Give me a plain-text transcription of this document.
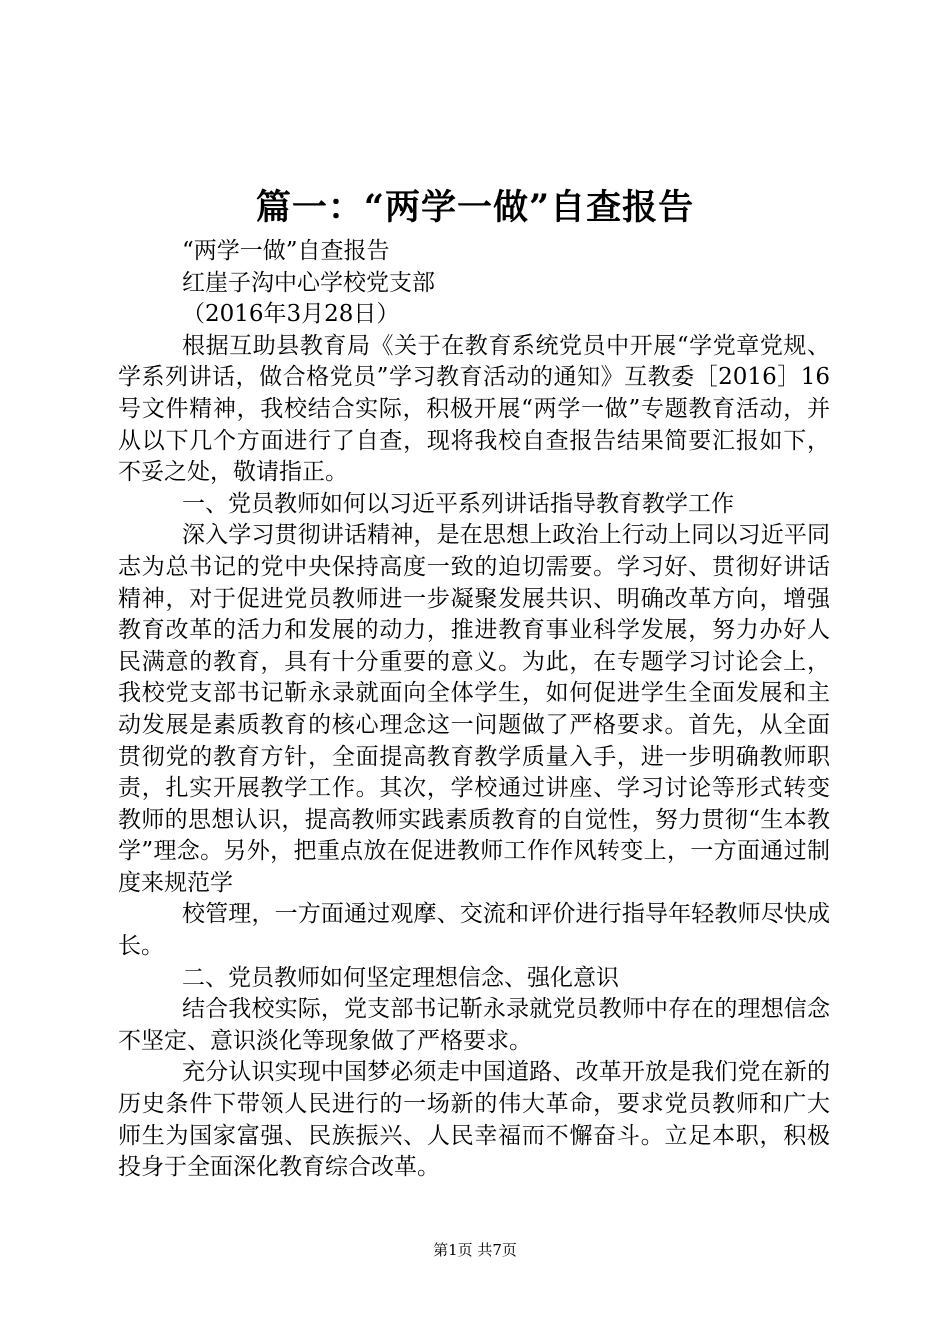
篇一：“两学一做”自查报告

“两学一做”自查报告

红崖子沟中心学校党支部

（2016年3月28日）

根据互助县教育局《关于在教育系统党员中开展“学党章党规、学系列讲话，做合格党员”学习教育活动的通知》互教委［2016］16号文件精神，我校结合实际，积极开展“两学一做”专题教育活动，并从以下几个方面进行了自查，现将我校自查报告结果简要汇报如下，不妥之处，敬请指正。

一、党员教师如何以习近平系列讲话指导教育教学工作

深入学习贯彻讲话精神，是在思想上政治上行动上同以习近平同志为总书记的党中央保持高度一致的迫切需要。学习好、贯彻好讲话精神，对于促进党员教师进一步凝聚发展共识、明确改革方向，增强教育改革的活力和发展的动力，推进教育事业科学发展，努力办好人民满意的教育，具有十分重要的意义。为此，在专题学习讨论会上，我校党支部书记靳永录就面向全体学生，如何促进学生全面发展和主动发展是素质教育的核心理念这一问题做了严格要求。首先，从全面贯彻党的教育方针，全面提高教育教学质量入手，进一步明确教师职责，扎实开展教学工作。其次，学校通过讲座、学习讨论等形式转变教师的思想认识，提高教师实践素质教育的自觉性，努力贯彻“生本教学”理念。另外，把重点放在促进教师工作作风转变上，一方面通过制度来规范学

校管理，一方面通过观摩、交流和评价进行指导年轻教师尽快成长。

二、党员教师如何坚定理想信念、强化意识

结合我校实际，党支部书记靳永录就党员教师中存在的理想信念不坚定、意识淡化等现象做了严格要求。

充分认识实现中国梦必须走中国道路、改革开放是我们党在新的历史条件下带领人民进行的一场新的伟大革命，要求党员教师和广大师生为国家富强、民族振兴、人民幸福而不懈奋斗。立足本职，积极投身于全面深化教育综合改革。

第1页 共7页
